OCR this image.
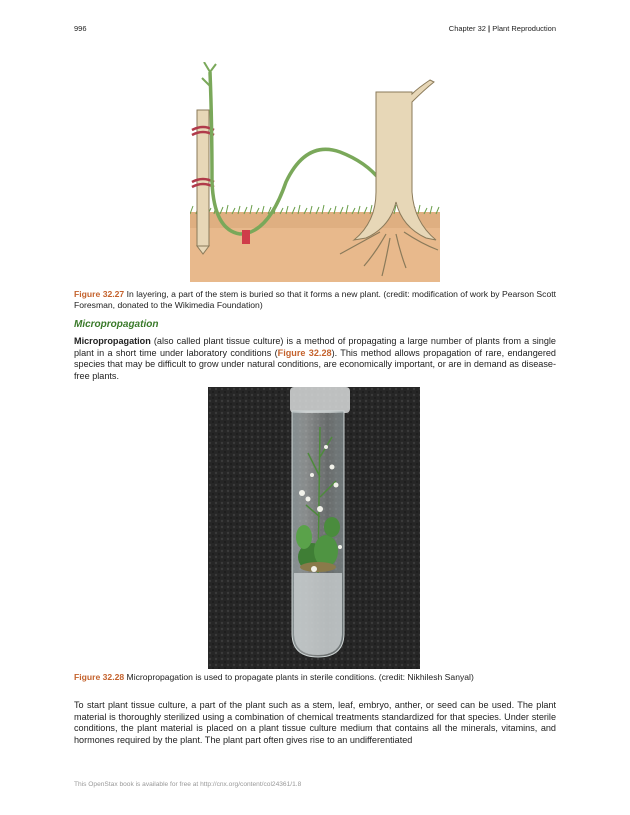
996	Chapter 32 | Plant Reproduction
Figure 32.27 In layering, a part of the stem is buried so that it forms a new plant. (credit: modification of work by Pearson Scott Foresman, donated to the Wikimedia Foundation)
Micropropagation
Micropropagation (also called plant tissue culture) is a method of propagating a large number of plants from a single plant in a short time under laboratory conditions (Figure 32.28). This method allows propagation of rare, endangered species that may be difficult to grow under natural conditions, are economically important, or are in demand as disease-free plants.
Figure 32.28 Micropropagation is used to propagate plants in sterile conditions. (credit: Nikhilesh Sanyal)
To start plant tissue culture, a part of the plant such as a stem, leaf, embryo, anther, or seed can be used. The plant material is thoroughly sterilized using a combination of chemical treatments standardized for that species. Under sterile conditions, the plant material is placed on a plant tissue culture medium that contains all the minerals, vitamins, and hormones required by the plant. The plant part often gives rise to an undifferentiated
This OpenStax book is available for free at http://cnx.org/content/col24361/1.8
